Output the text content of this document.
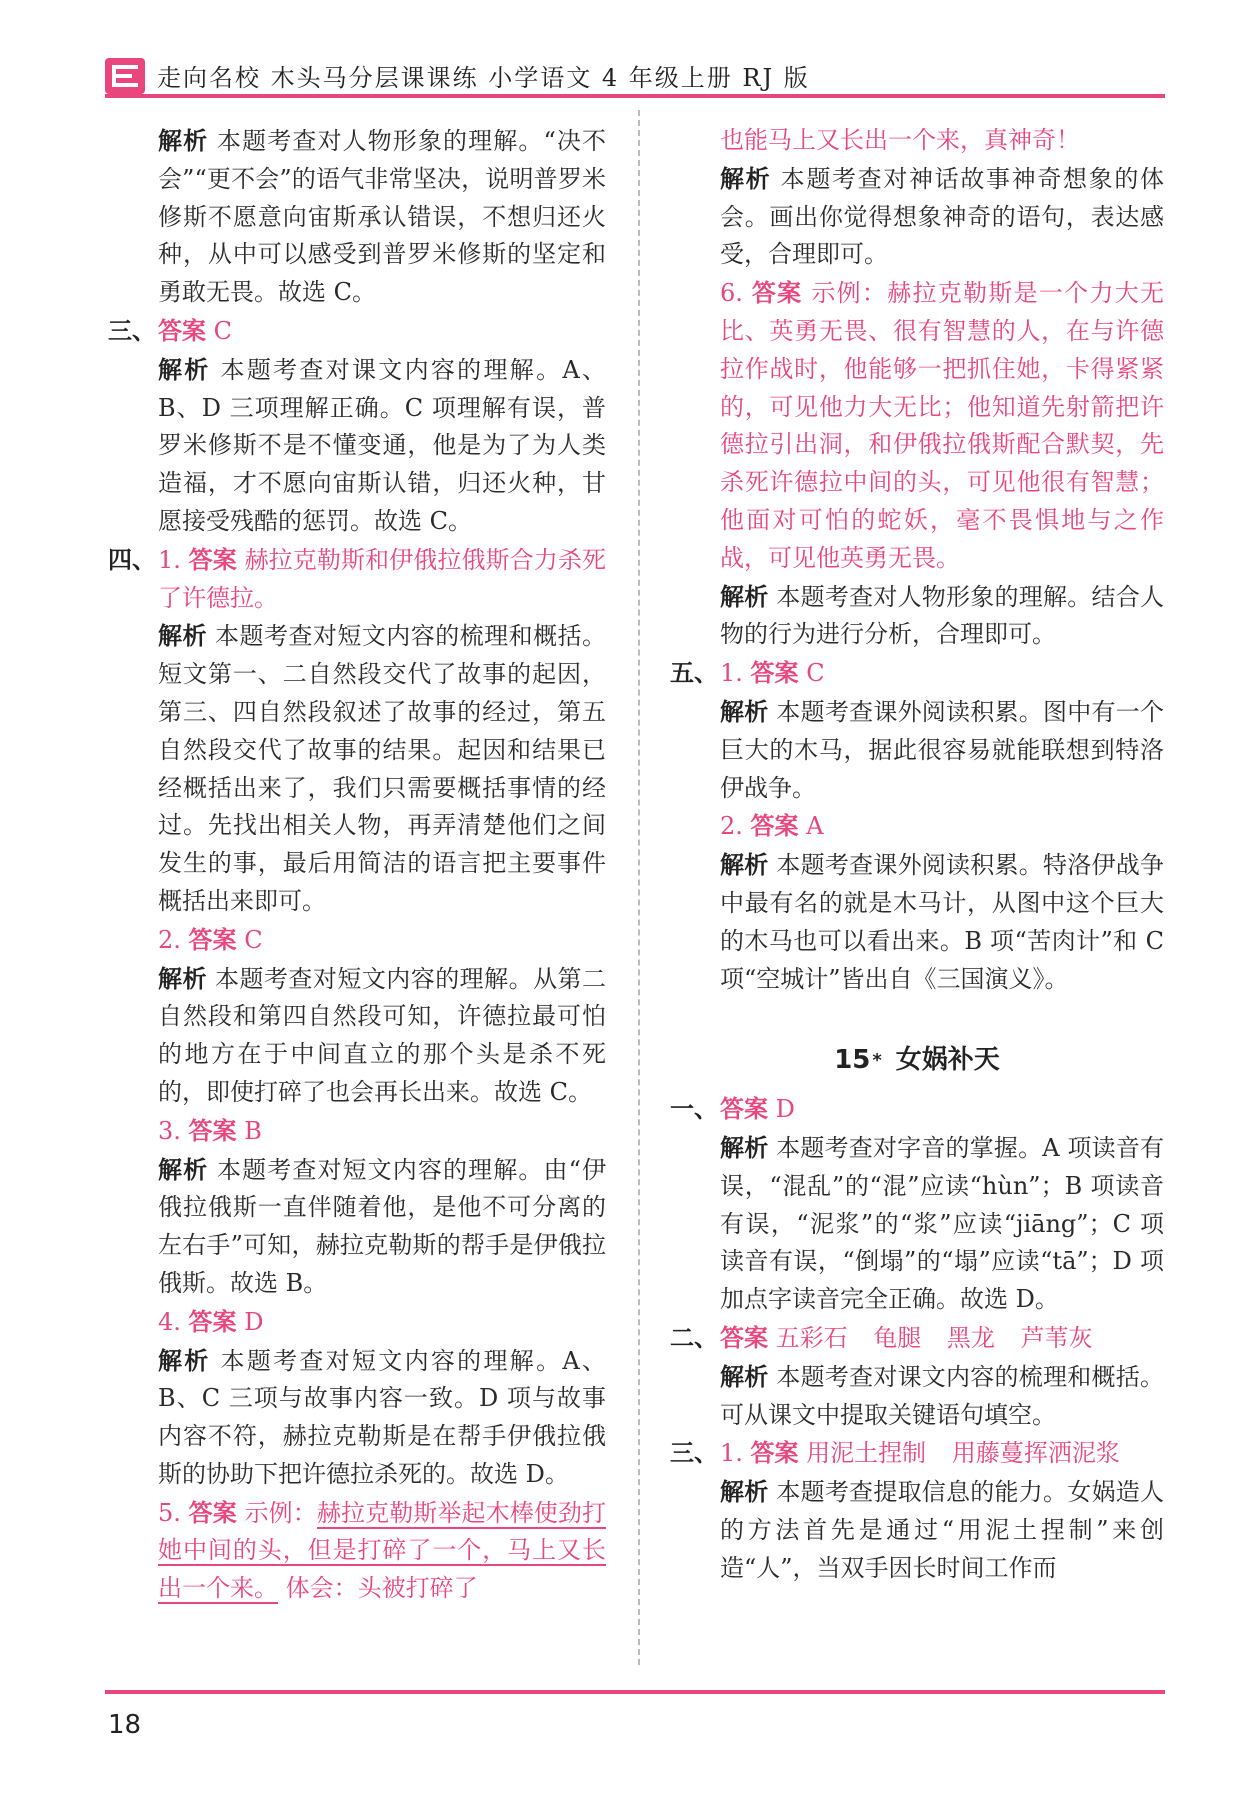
走向名校 木头马分层课课练 小学语文 4 年级上册 RJ 版
解析 本题考查对人物形象的理解。“决不会”“更不会”的语气非常坚决，说明普罗米修斯不愿意向宙斯承认错误，不想归还火种，从中可以感受到普罗米修斯的坚定和勇敢无畏。故选 C。
三、 答案 C
解析 本题考查对课文内容的理解。A、B、D 三项理解正确。C 项理解有误，普罗米修斯不是不懂变通，他是为了为人类造福，才不愿向宙斯认错，归还火种，甘愿接受残酷的惩罚。故选 C。
四、 1. 答案 赫拉克勒斯和伊俄拉俄斯合力杀死了许德拉。
解析 本题考查对短文内容的梳理和概括。短文第一、二自然段交代了故事的起因，第三、四自然段叙述了故事的经过，第五自然段交代了故事的结果。起因和结果已经概括出来了，我们只需要概括事情的经过。先找出相关人物，再弄清楚他们之间发生的事，最后用简洁的语言把主要事件概括出来即可。
2. 答案 C
解析 本题考查对短文内容的理解。从第二自然段和第四自然段可知，许德拉最可怕的地方在于中间直立的那个头是杀不死的，即使打碎了也会再长出来。故选 C。
3. 答案 B
解析 本题考查对短文内容的理解。由“伊俄拉俄斯一直伴随着他，是他不可分离的左右手”可知，赫拉克勒斯的帮手是伊俄拉俄斯。故选 B。
4. 答案 D
解析 本题考查对短文内容的理解。A、B、C 三项与故事内容一致。D 项与故事内容不符，赫拉克勒斯是在帮手伊俄拉俄斯的协助下把许德拉杀死的。故选 D。
5. 答案 示例：赫拉克勒斯举起木棒使劲打她中间的头，但是打碎了一个，马上又长出一个来。 体会：头被打碎了
也能马上又长出一个来，真神奇！
解析 本题考查对神话故事神奇想象的体会。画出你觉得想象神奇的语句，表达感受，合理即可。
6. 答案 示例：赫拉克勒斯是一个力大无比、英勇无畏、很有智慧的人，在与许德拉作战时，他能够一把抓住她，卡得紧紧的，可见他力大无比；他知道先射箭把许德拉引出洞，和伊俄拉俄斯配合默契，先杀死许德拉中间的头，可见他很有智慧；他面对可怕的蛇妖，毫不畏惧地与之作战，可见他英勇无畏。
解析 本题考查对人物形象的理解。结合人物的行为进行分析，合理即可。
五、 1. 答案 C
解析 本题考查课外阅读积累。图中有一个巨大的木马，据此很容易就能联想到特洛伊战争。
2. 答案 A
解析 本题考查课外阅读积累。特洛伊战争中最有名的就是木马计，从图中这个巨大的木马也可以看出来。B 项“苦肉计”和 C 项“空城计”皆出自《三国演义》。
15 * 女娲补天
一、 答案 D
解析 本题考查对字音的掌握。A 项读音有误，“混乱”的“混”应读“hùn”；B 项读音有误，“泥浆”的“浆”应读“jiāng”；C 项读音有误，“倒塌”的“塌”应读“tā”；D 项加点字读音完全正确。故选 D。
二、 答案 五彩石 龟腿 黑龙 芦苇灰
解析 本题考查对课文内容的梳理和概括。可从课文中提取关键语句填空。
三、 1. 答案 用泥土捏制 用藤蔓挥洒泥浆
解析 本题考查提取信息的能力。女娲造人的方法首先是通过“用泥土捏制”来创造“人”，当双手因长时间工作而
18
